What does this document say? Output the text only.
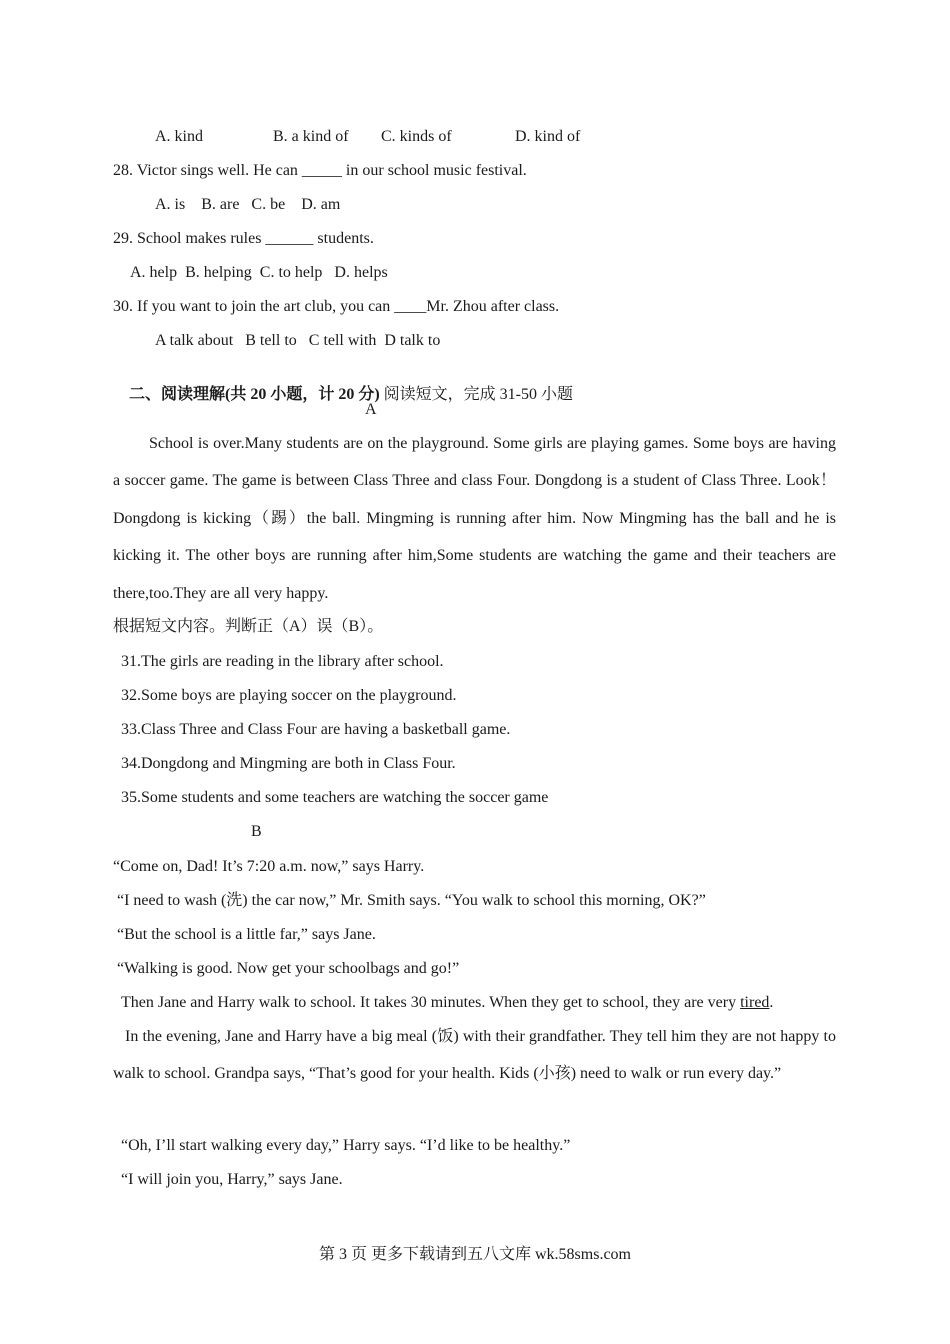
A. kind	B. a kind of C. kinds of	D. kind of
28. Victor sings well. He can _____ in our school music festival.
A. is    B. are   C. be    D. am
29. School makes rules ______ students.
A. help  B. helping  C. to help   D. helps
30. If you want to join the art club, you can ____Mr. Zhou after class.
A talk about   B tell to   C tell with  D talk to

二、阅读理解(共 20 小题，计 20 分) 阅读短文，完成 31-50 小题

A
School is over.Many students are on the playground. Some girls are playing games. Some boys are having a soccer game. The game is between Class Three and class Four. Dongdong is a student of Class Three. Look！Dongdong is kicking（踢）the ball. Mingming is running after him. Now Mingming has the ball and he is kicking it. The other boys are running after him,Some students are watching the game and their teachers are there,too.They are all very happy.
根据短文内容。判断正（A）误（B）。
31.The girls are reading in the library after school.
32.Some boys are playing soccer on the playground.
33.Class Three and Class Four are having a basketball game.
34.Dongdong and Mingming are both in Class Four.
35.Some students and some teachers are watching the soccer game
B
“Come on, Dad! It’s 7:20 a.m. now,” says Harry.
“I need to wash (洗) the car now,” Mr. Smith says. “You walk to school this morning, OK?”
“But the school is a little far,” says Jane.
“Walking is good. Now get your schoolbags and go!”
Then Jane and Harry walk to school. It takes 30 minutes. When they get to school, they are very tired.
In the evening, Jane and Harry have a big meal (饭) with their grandfather. They tell him they are not happy to walk to school. Grandpa says, “That’s good for your health. Kids (小孩) need to walk or run every day.”
“Oh, I’ll start walking every day,” Harry says. “I’d like to be healthy.”
“I will join you, Harry,” says Jane.
第 3 页 更多下载请到五八文库 wk.58sms.com
